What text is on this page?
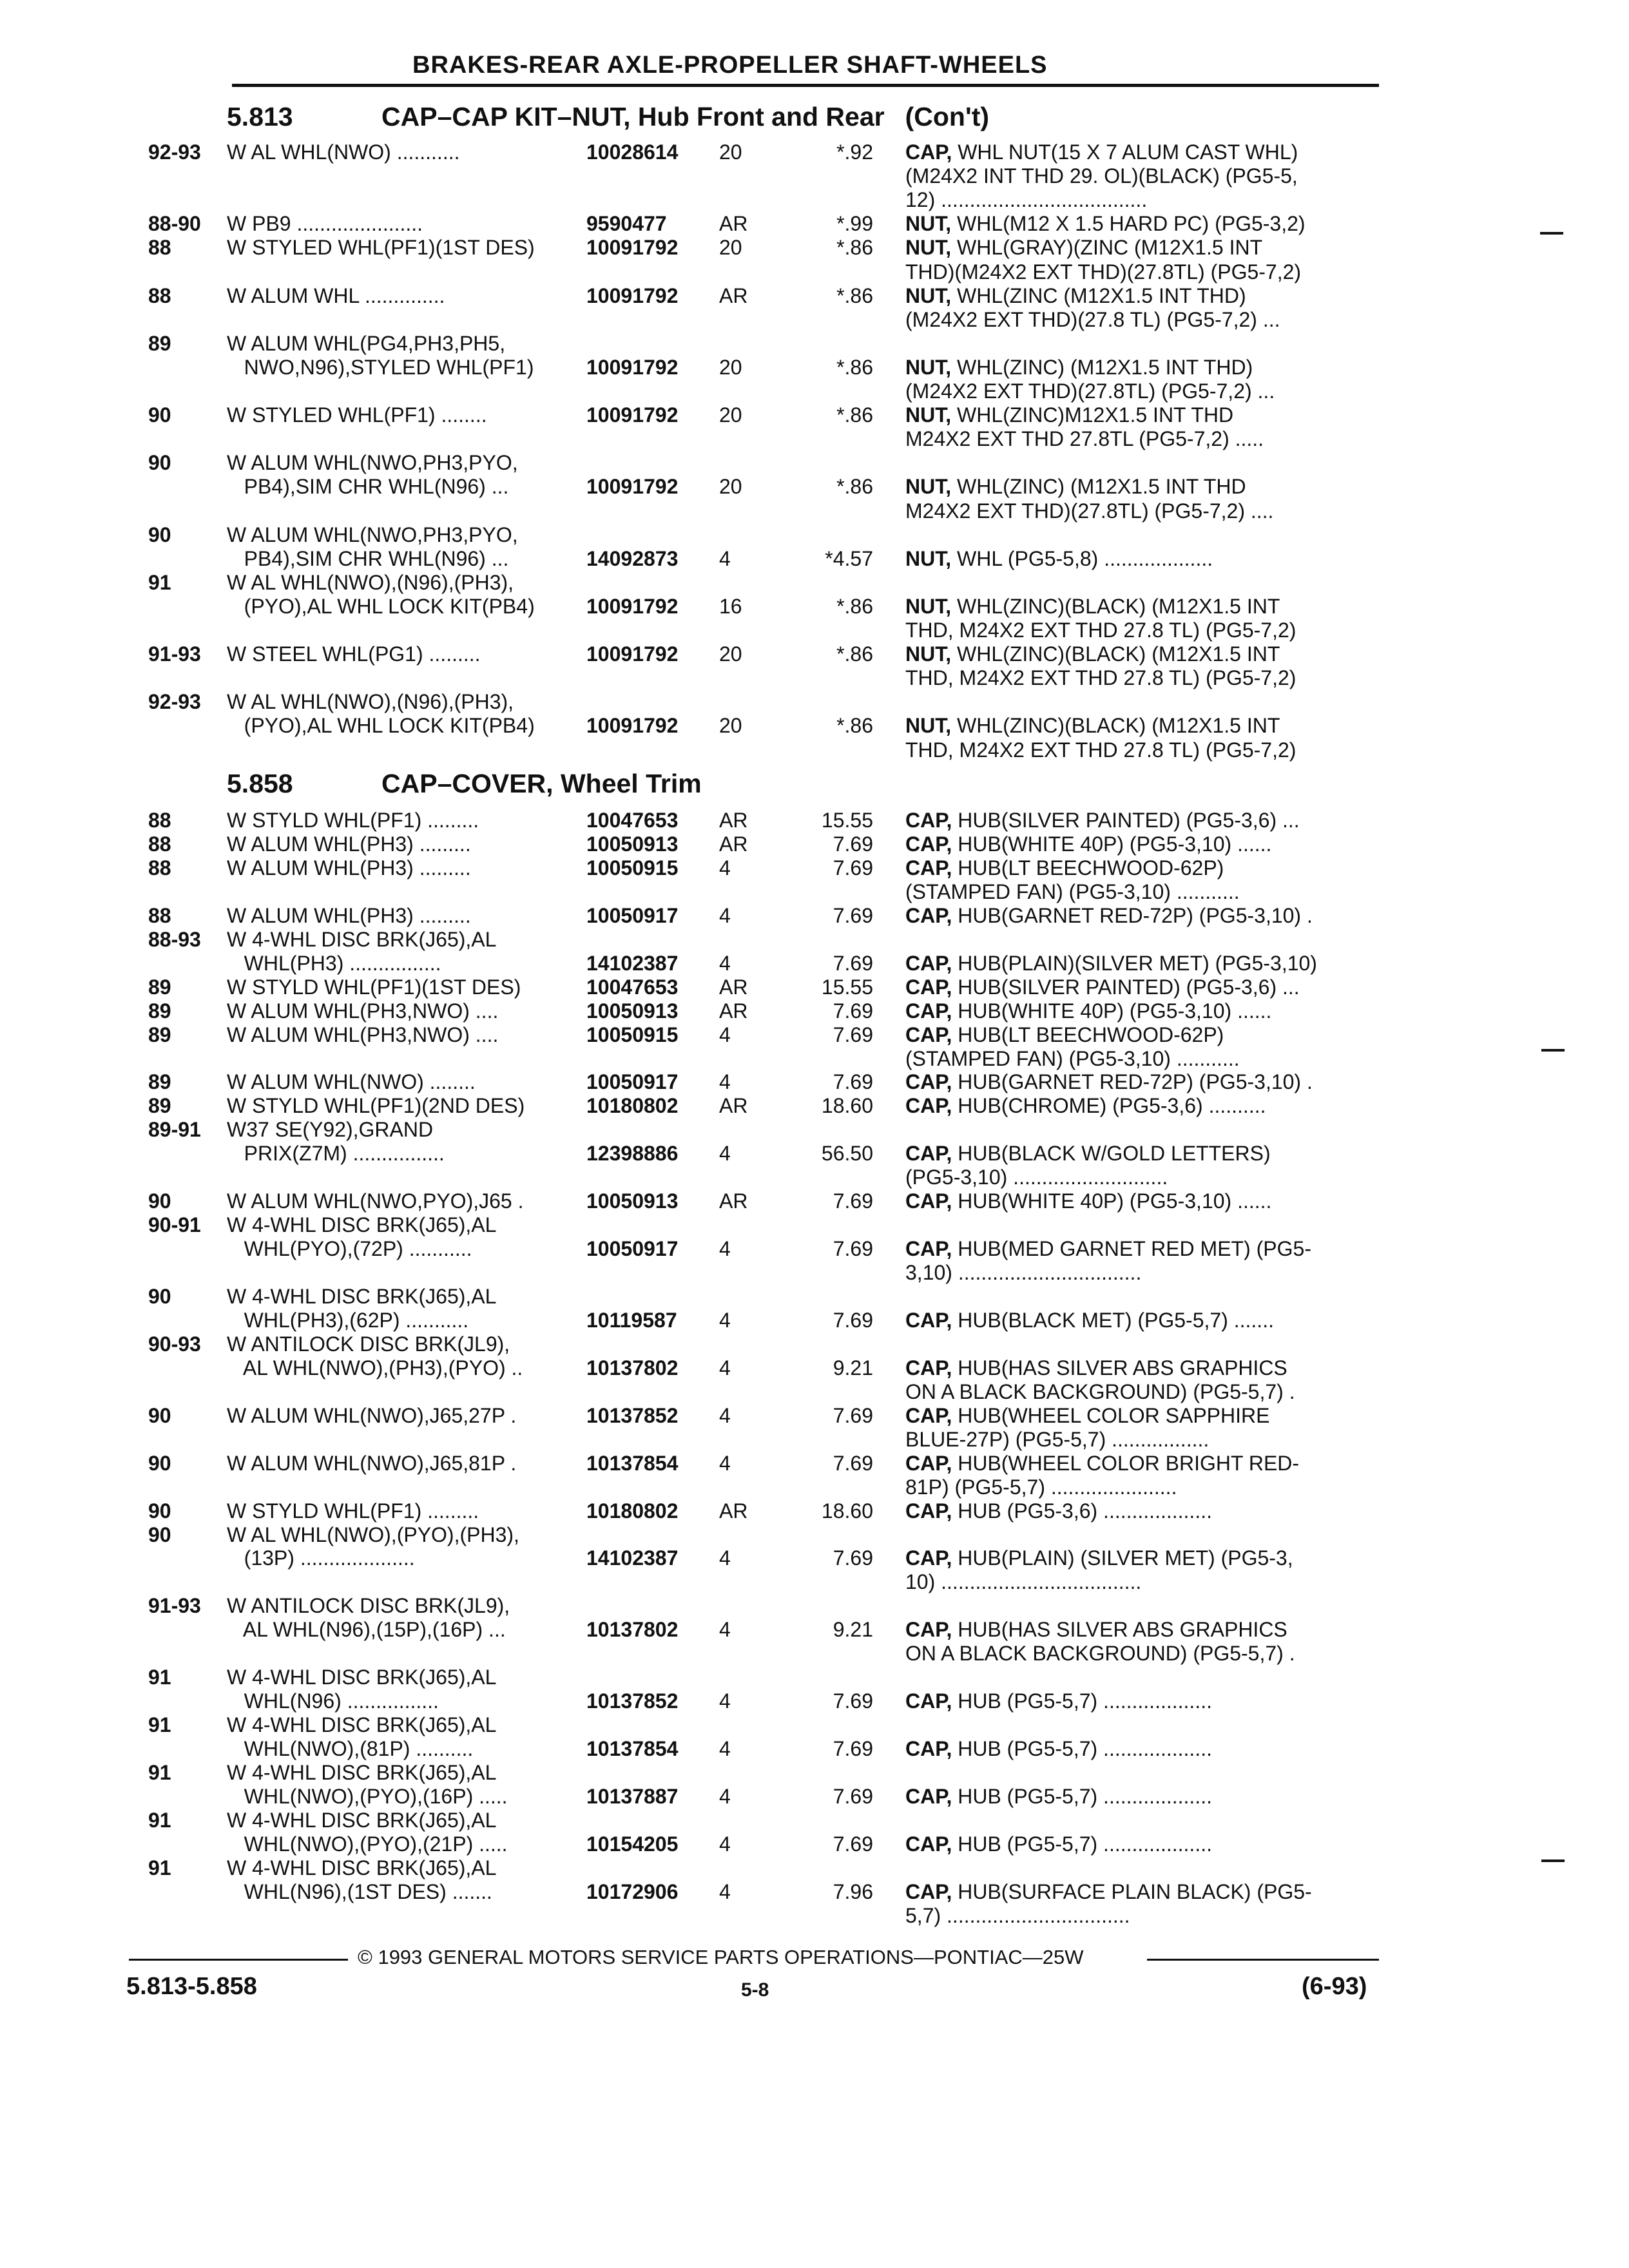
BRAKES-REAR AXLE-PROPELLER SHAFT-WHEELS
5.813	CAP–CAP KIT–NUT, Hub Front and Rear (Con't)
92-93 W AL WHL(NWO) ...........	10028614 20	*.92 CAP, WHL NUT(15 X 7 ALUM CAST WHL)
(M24X2 INT THD 29. OL)(BLACK) (PG5-5,
12) ....................................
88-90 W PB9 ......................	9590477	AR	*.99 NUT, WHL(M12 X 1.5 HARD PC) (PG5-3,2)
88	W STYLED WHL(PF1)(1ST DES)	10091792 20	*.86 NUT, WHL(GRAY)(ZINC (M12X1.5 INT
THD)(M24X2 EXT THD)(27.8TL) (PG5-7,2)
88	W ALUM WHL ..............	10091792 AR	*.86 NUT, WHL(ZINC (M12X1.5 INT THD)
(M24X2 EXT THD)(27.8 TL) (PG5-7,2) ...
89	W ALUM WHL(PG4,PH3,PH5,
NWO,N96),STYLED WHL(PF1)	10091792 20	*.86 NUT, WHL(ZINC) (M12X1.5 INT THD)
(M24X2 EXT THD)(27.8TL) (PG5-7,2) ...
90	W STYLED WHL(PF1) ........	10091792 20	*.86 NUT, WHL(ZINC)M12X1.5 INT THD
M24X2 EXT THD 27.8TL (PG5-7,2) .....
90	W ALUM WHL(NWO,PH3,PYO,
PB4),SIM CHR WHL(N96) ...	10091792 20	*.86 NUT, WHL(ZINC) (M12X1.5 INT THD
M24X2 EXT THD)(27.8TL) (PG5-7,2) ....
90	W ALUM WHL(NWO,PH3,PYO,
PB4),SIM CHR WHL(N96) ...	14092873 4	*4.57 NUT, WHL (PG5-5,8) ...................
91	W AL WHL(NWO),(N96),(PH3),
(PYO),AL WHL LOCK KIT(PB4)	10091792 16	*.86 NUT, WHL(ZINC)(BLACK) (M12X1.5 INT
THD, M24X2 EXT THD 27.8 TL) (PG5-7,2)
91-93 W STEEL WHL(PG1) .........	10091792 20	*.86 NUT, WHL(ZINC)(BLACK) (M12X1.5 INT
THD, M24X2 EXT THD 27.8 TL) (PG5-7,2)
92-93 W AL WHL(NWO),(N96),(PH3),
(PYO),AL WHL LOCK KIT(PB4)	10091792 20	*.86 NUT, WHL(ZINC)(BLACK) (M12X1.5 INT
THD, M24X2 EXT THD 27.8 TL) (PG5-7,2)
5.858	CAP–COVER, Wheel Trim
88	W STYLD WHL(PF1) .........	10047653 AR	15.55 CAP, HUB(SILVER PAINTED) (PG5-3,6) ...
88	W ALUM WHL(PH3) .........	10050913 AR	7.69 CAP, HUB(WHITE 40P) (PG5-3,10) ......
88	W ALUM WHL(PH3) .........	10050915 4	7.69 CAP, HUB(LT BEECHWOOD-62P)
(STAMPED FAN) (PG5-3,10) ...........
88	W ALUM WHL(PH3) .........	10050917 4	7.69 CAP, HUB(GARNET RED-72P) (PG5-3,10) .
88-93 W 4-WHL DISC BRK(J65),AL
WHL(PH3) ................	14102387 4	7.69 CAP, HUB(PLAIN)(SILVER MET) (PG5-3,10)
89	W STYLD WHL(PF1)(1ST DES)	10047653 AR	15.55 CAP, HUB(SILVER PAINTED) (PG5-3,6) ...
89	W ALUM WHL(PH3,NWO) ....	10050913 AR	7.69 CAP, HUB(WHITE 40P) (PG5-3,10) ......
89	W ALUM WHL(PH3,NWO) ....	10050915 4	7.69 CAP, HUB(LT BEECHWOOD-62P)
(STAMPED FAN) (PG5-3,10) ...........
89	W ALUM WHL(NWO) ........	10050917 4	7.69 CAP, HUB(GARNET RED-72P) (PG5-3,10) .
89	W STYLD WHL(PF1)(2ND DES)	10180802 AR	18.60 CAP, HUB(CHROME) (PG5-3,6) ..........
89-91 W37 SE(Y92),GRAND
PRIX(Z7M) ................	12398886 4	56.50 CAP, HUB(BLACK W/GOLD LETTERS)
(PG5-3,10) ...........................
90	W ALUM WHL(NWO,PYO),J65 .	10050913 AR	7.69 CAP, HUB(WHITE 40P) (PG5-3,10) ......
90-91 W 4-WHL DISC BRK(J65),AL
WHL(PYO),(72P) ...........	10050917 4	7.69 CAP, HUB(MED GARNET RED MET) (PG5-
3,10) ................................
90	W 4-WHL DISC BRK(J65),AL
WHL(PH3),(62P) ...........	10119587 4	7.69 CAP, HUB(BLACK MET) (PG5-5,7) .......
90-93 W ANTILOCK DISC BRK(JL9),
AL WHL(NWO),(PH3),(PYO) ..	10137802 4	9.21 CAP, HUB(HAS SILVER ABS GRAPHICS
ON A BLACK BACKGROUND) (PG5-5,7) .
90	W ALUM WHL(NWO),J65,27P .	10137852 4	7.69 CAP, HUB(WHEEL COLOR SAPPHIRE
BLUE-27P) (PG5-5,7) .................
90	W ALUM WHL(NWO),J65,81P .	10137854 4	7.69 CAP, HUB(WHEEL COLOR BRIGHT RED-
81P) (PG5-5,7) ......................
90	W STYLD WHL(PF1) .........	10180802 AR	18.60 CAP, HUB (PG5-3,6) ...................
90	W AL WHL(NWO),(PYO),(PH3),
(13P) ....................	14102387 4	7.69 CAP, HUB(PLAIN) (SILVER MET) (PG5-3,
10) ...................................
91-93 W ANTILOCK DISC BRK(JL9),
AL WHL(N96),(15P),(16P) ...	10137802 4	9.21 CAP, HUB(HAS SILVER ABS GRAPHICS
ON A BLACK BACKGROUND) (PG5-5,7) .
91	W 4-WHL DISC BRK(J65),AL
WHL(N96) ................	10137852 4	7.69 CAP, HUB (PG5-5,7) ...................
91	W 4-WHL DISC BRK(J65),AL
WHL(NWO),(81P) ..........	10137854 4	7.69 CAP, HUB (PG5-5,7) ...................
91	W 4-WHL DISC BRK(J65),AL
WHL(NWO),(PYO),(16P) .....	10137887 4	7.69 CAP, HUB (PG5-5,7) ...................
91	W 4-WHL DISC BRK(J65),AL
WHL(NWO),(PYO),(21P) .....	10154205 4	7.69 CAP, HUB (PG5-5,7) ...................
91	W 4-WHL DISC BRK(J65),AL
WHL(N96),(1ST DES) .......	10172906 4	7.96 CAP, HUB(SURFACE PLAIN BLACK) (PG5-
5,7) ................................
© 1993 GENERAL MOTORS SERVICE PARTS OPERATIONS—PONTIAC—25W
5.813-5.858	5-8	(6-93)
